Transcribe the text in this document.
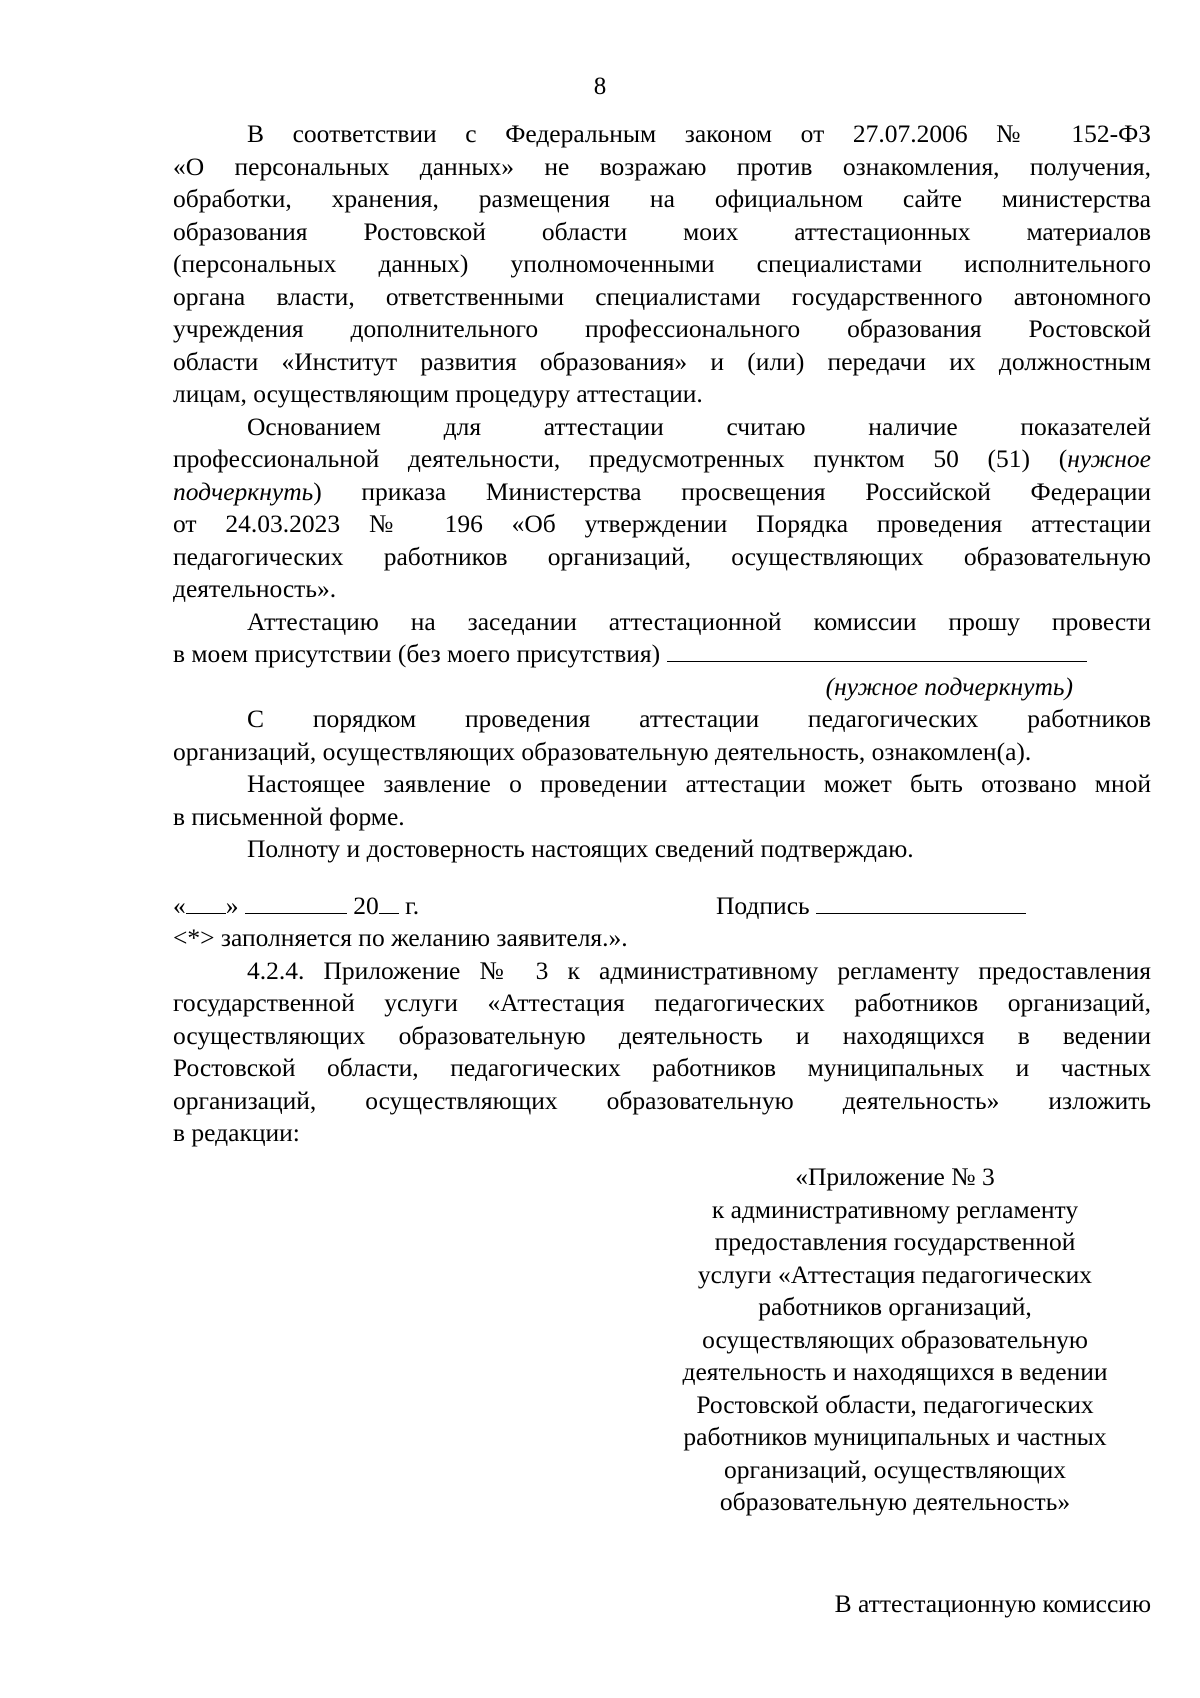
8
В соответствии с Федеральным законом от 27.07.2006 № 152-ФЗ
«О персональных данных» не возражаю против ознакомления, получения,
обработки, хранения, размещения на официальном сайте министерства
образования Ростовской области моих аттестационных материалов
(персональных данных) уполномоченными специалистами исполнительного
органа власти, ответственными специалистами государственного автономного
учреждения дополнительного профессионального образования Ростовской
области «Институт развития образования» и (или) передачи их должностным
лицам, осуществляющим процедуру аттестации.
Основанием для аттестации считаю наличие показателей
профессиональной деятельности, предусмотренных пунктом 50 (51) (нужное
подчеркнуть) приказа Министерства просвещения Российской Федерации
от 24.03.2023 № 196 «Об утверждении Порядка проведения аттестации
педагогических работников организаций, осуществляющих образовательную
деятельность».
Аттестацию на заседании аттестационной комиссии прошу провести
в моем присутствии (без моего присутствия)
(нужное подчеркнуть)
С порядком проведения аттестации педагогических работников
организаций, осуществляющих образовательную деятельность, ознакомлен(а).
Настоящее заявление о проведении аттестации может быть отозвано мной
в письменной форме.
Полноту и достоверность настоящих сведений подтверждаю.
« »	20 г.	Подпись
<*> заполняется по желанию заявителя.».
4.2.4. Приложение № 3 к административному регламенту предоставления
государственной услуги «Аттестация педагогических работников организаций,
осуществляющих образовательную деятельность и находящихся в ведении
Ростовской области, педагогических работников муниципальных и частных
организаций, осуществляющих образовательную деятельность» изложить
в редакции:
«Приложение № 3
к административному регламенту
предоставления государственной
услуги «Аттестация педагогических
работников организаций,
осуществляющих образовательную
деятельность и находящихся в ведении
Ростовской области, педагогических
работников муниципальных и частных
организаций, осуществляющих
образовательную деятельность»
В аттестационную комиссию
